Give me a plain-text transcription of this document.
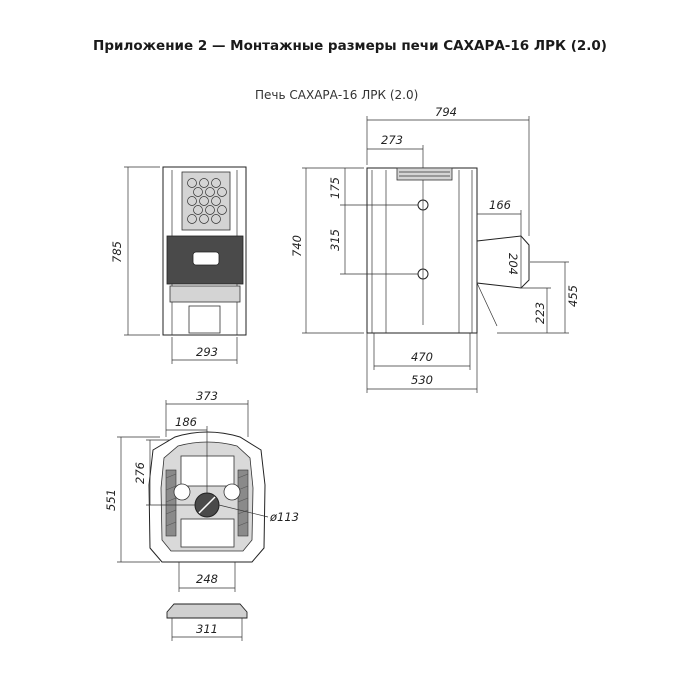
Приложение 2 — Монтажные размеры печи САХАРА-16 ЛРК (2.0)
Печь САХАРА-16 ЛРК (2.0)
785
293
794
273
740
175
315
166
204
455
223
470
530
ø113
373
186
276
551
248
311
